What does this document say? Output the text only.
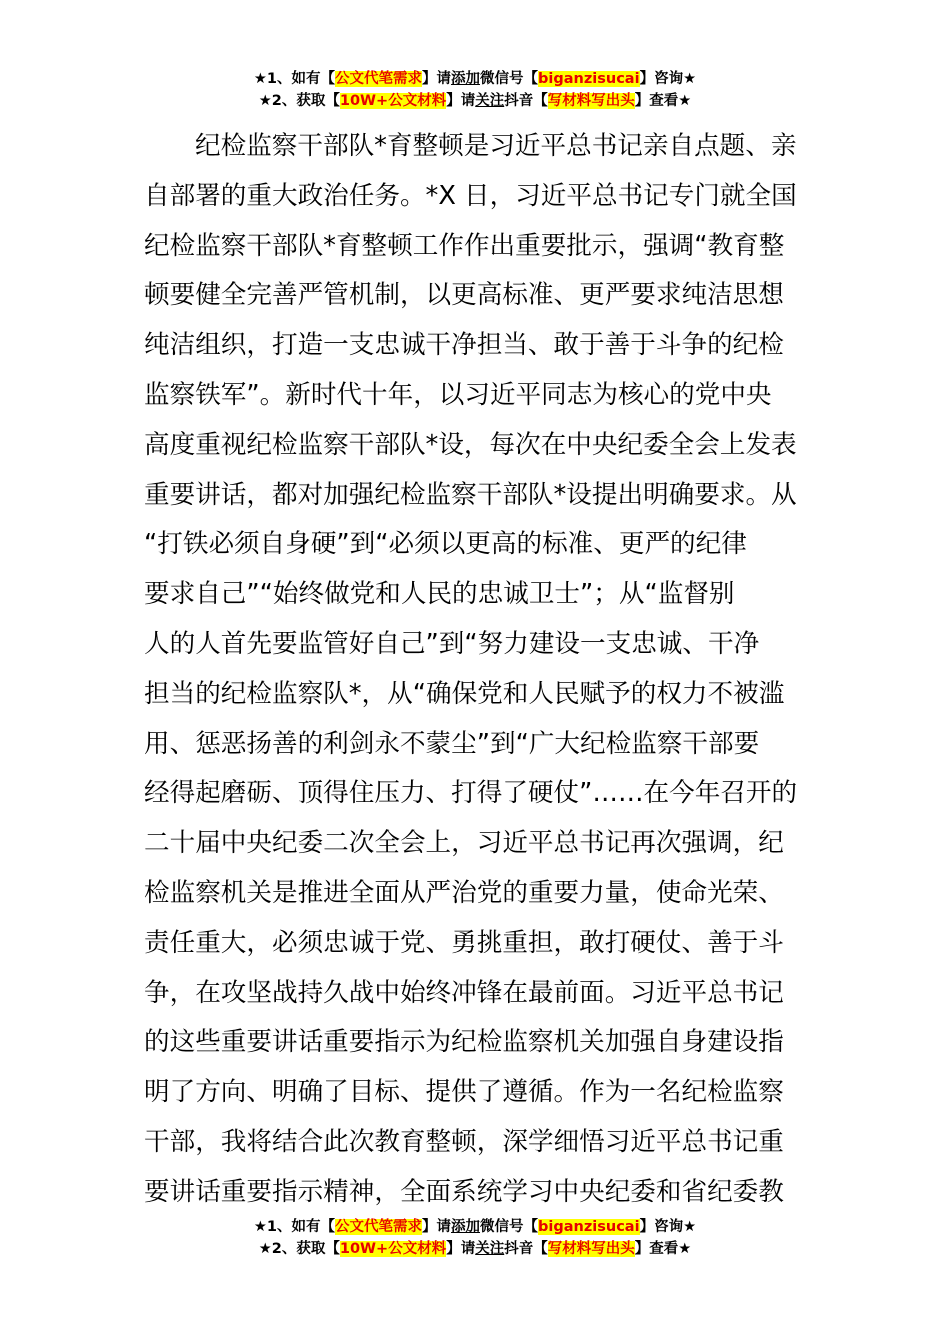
★1、如有【公文代笔需求】请添加微信号【biganzisucai】咨询★
★2、获取【10W+公文材料】请关注抖音【写材料写出头】查看★
纪检监察干部队*育整顿是习近平总书记亲自点题、亲
自部署的重大政治任务。*X 日，习近平总书记专门就全国
纪检监察干部队*育整顿工作作出重要批示，强调“教育整
顿要健全完善严管机制，以更高标准、更严要求纯洁思想
纯洁组织，打造一支忠诚干净担当、敢于善于斗争的纪检
监察铁军”。新时代十年，以习近平同志为核心的党中央
高度重视纪检监察干部队*设，每次在中央纪委全会上发表
重要讲话，都对加强纪检监察干部队*设提出明确要求。从
“打铁必须自身硬”到“必须以更高的标准、更严的纪律
要求自己”“始终做党和人民的忠诚卫士”；从“监督别
人的人首先要监管好自己”到“努力建设一支忠诚、干净
担当的纪检监察队*，从“确保党和人民赋予的权力不被滥
用、惩恶扬善的利剑永不蒙尘”到“广大纪检监察干部要
经得起磨砺、顶得住压力、打得了硬仗”……在今年召开的
二十届中央纪委二次全会上，习近平总书记再次强调，纪
检监察机关是推进全面从严治党的重要力量，使命光荣、
责任重大，必须忠诚于党、勇挑重担，敢打硬仗、善于斗
争，在攻坚战持久战中始终冲锋在最前面。习近平总书记
的这些重要讲话重要指示为纪检监察机关加强自身建设指
明了方向、明确了目标、提供了遵循。作为一名纪检监察
干部，我将结合此次教育整顿，深学细悟习近平总书记重
要讲话重要指示精神，全面系统学习中央纪委和省纪委教
★1、如有【公文代笔需求】请添加微信号【biganzisucai】咨询★
★2、获取【10W+公文材料】请关注抖音【写材料写出头】查看★
